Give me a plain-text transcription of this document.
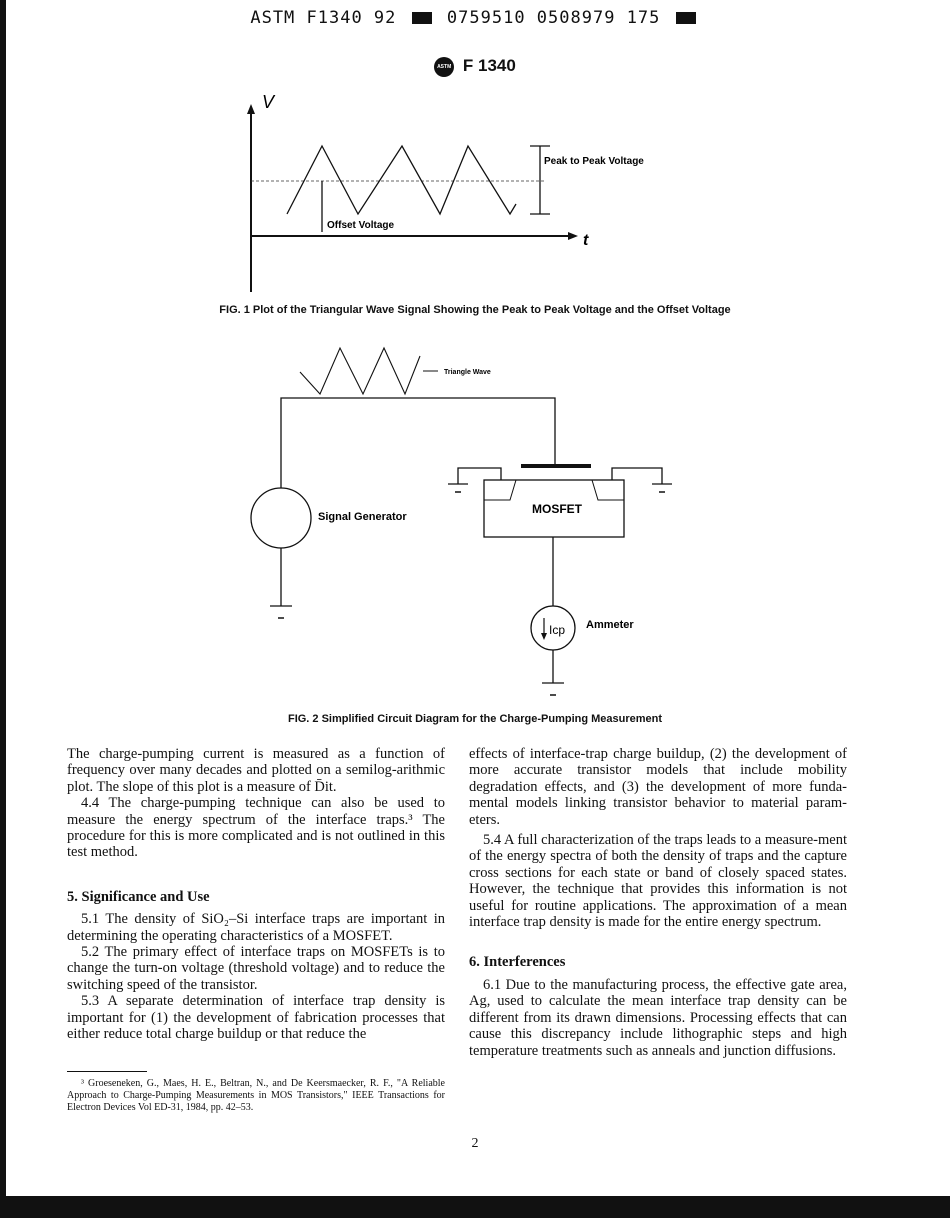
ASTM F1340 92	0759510 0508979 175
ASTM F 1340
V
t
Peak to Peak Voltage
Offset Voltage
FIG. 1 Plot of the Triangular Wave Signal Showing the Peak to Peak Voltage and the Offset Voltage
Triangle Wave
Signal Generator
MOSFET
Icp Ammeter
FIG. 2 Simplified Circuit Diagram for the Charge-Pumping Measurement

The charge-pumping current is measured as a function of frequency over many decades and plotted on a semilog-arithmic plot. The slope of this plot is a measure of D̄it.

4.4 The charge-pumping technique can also be used to measure the energy spectrum of the interface traps.³ The procedure for this is more complicated and is not outlined in this test method.

5. Significance and Use

5.1 The density of SiO₂–Si interface traps are important in determining the operating characteristics of a MOSFET.

5.2 The primary effect of interface traps on MOSFETs is to change the turn-on voltage (threshold voltage) and to reduce the switching speed of the transistor.

5.3 A separate determination of interface trap density is important for (1) the development of fabrication processes that either reduce total charge buildup or that reduce the

³ Groeseneken, G., Maes, H. E., Beltran, N., and De Keersmaecker, R. F., "A Reliable Approach to Charge-Pumping Measurements in MOS Transistors," IEEE Transactions for Electron Devices Vol ED-31, 1984, pp. 42–53.

effects of interface-trap charge buildup, (2) the development of more accurate transistor models that include mobility degradation effects, and (3) the development of more funda-mental models linking transistor behavior to material param-eters.

5.4 A full characterization of the traps leads to a measure-ment of the energy spectra of both the density of traps and the capture cross sections for each state or band of closely spaced states. However, the technique that provides this information is not useful for routine applications. The approximation of a mean interface trap density is made for the entire energy spectrum.

6. Interferences

6.1 Due to the manufacturing process, the effective gate area, Ag, used to calculate the mean interface trap density can be different from its drawn dimensions. Processing effects that can cause this discrepancy include lithographic steps and high temperature treatments such as anneals and junction diffusions.

2
